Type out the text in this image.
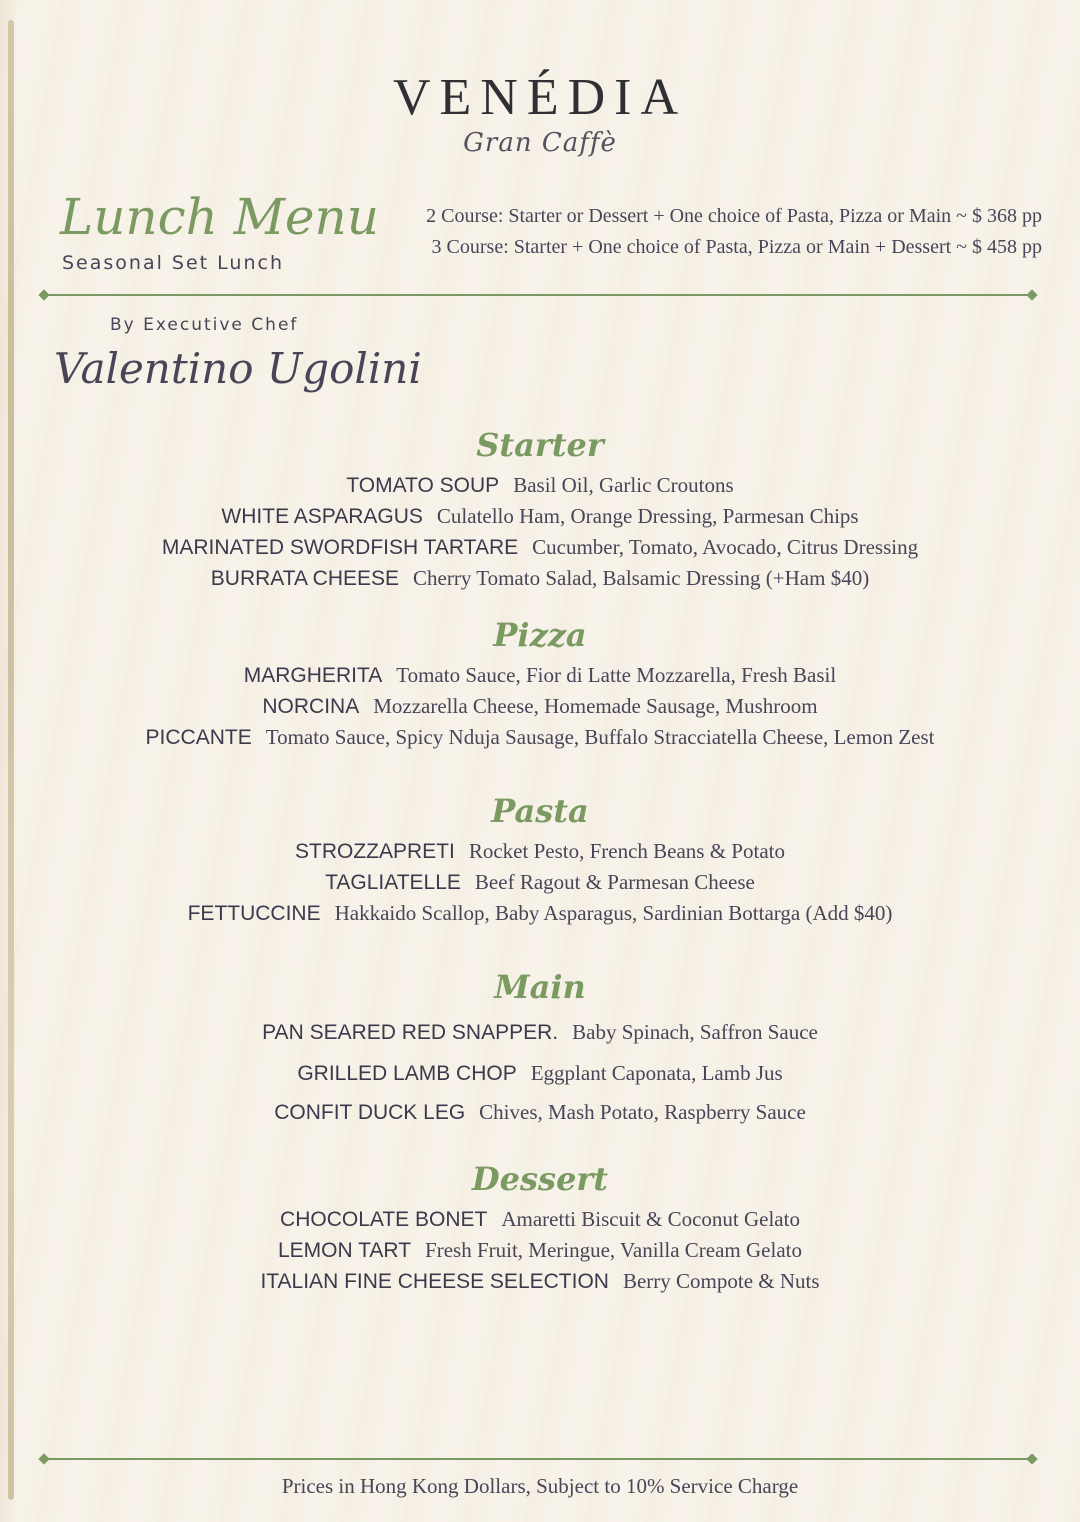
VENÉDIA
Gran Caffè
Lunch Menu
Seasonal Set Lunch
2 Course: Starter or Dessert + One choice of Pasta, Pizza or Main ~ $ 368 pp
3 Course: Starter + One choice of Pasta, Pizza or Main + Dessert ~ $ 458 pp
By Executive Chef
Valentino Ugolini
Starter
TOMATO SOUP Basil Oil, Garlic Croutons
WHITE ASPARAGUS Culatello Ham, Orange Dressing, Parmesan Chips
MARINATED SWORDFISH TARTARE Cucumber, Tomato, Avocado, Citrus Dressing
BURRATA CHEESE Cherry Tomato Salad, Balsamic Dressing (+Ham $40)
Pizza
MARGHERITA Tomato Sauce, Fior di Latte Mozzarella, Fresh Basil
NORCINA Mozzarella Cheese, Homemade Sausage, Mushroom
PICCANTE Tomato Sauce, Spicy Nduja Sausage, Buffalo Stracciatella Cheese, Lemon Zest
Pasta
STROZZAPRETI Rocket Pesto, French Beans & Potato
TAGLIATELLE Beef Ragout & Parmesan Cheese
FETTUCCINE Hakkaido Scallop, Baby Asparagus, Sardinian Bottarga (Add $40)
Main
PAN SEARED RED SNAPPER. Baby Spinach, Saffron Sauce
GRILLED LAMB CHOP Eggplant Caponata, Lamb Jus
CONFIT DUCK LEG Chives, Mash Potato, Raspberry Sauce
Dessert
CHOCOLATE BONET Amaretti Biscuit & Coconut Gelato
LEMON TART Fresh Fruit, Meringue, Vanilla Cream Gelato
ITALIAN FINE CHEESE SELECTION Berry Compote & Nuts
Prices in Hong Kong Dollars, Subject to 10% Service Charge
